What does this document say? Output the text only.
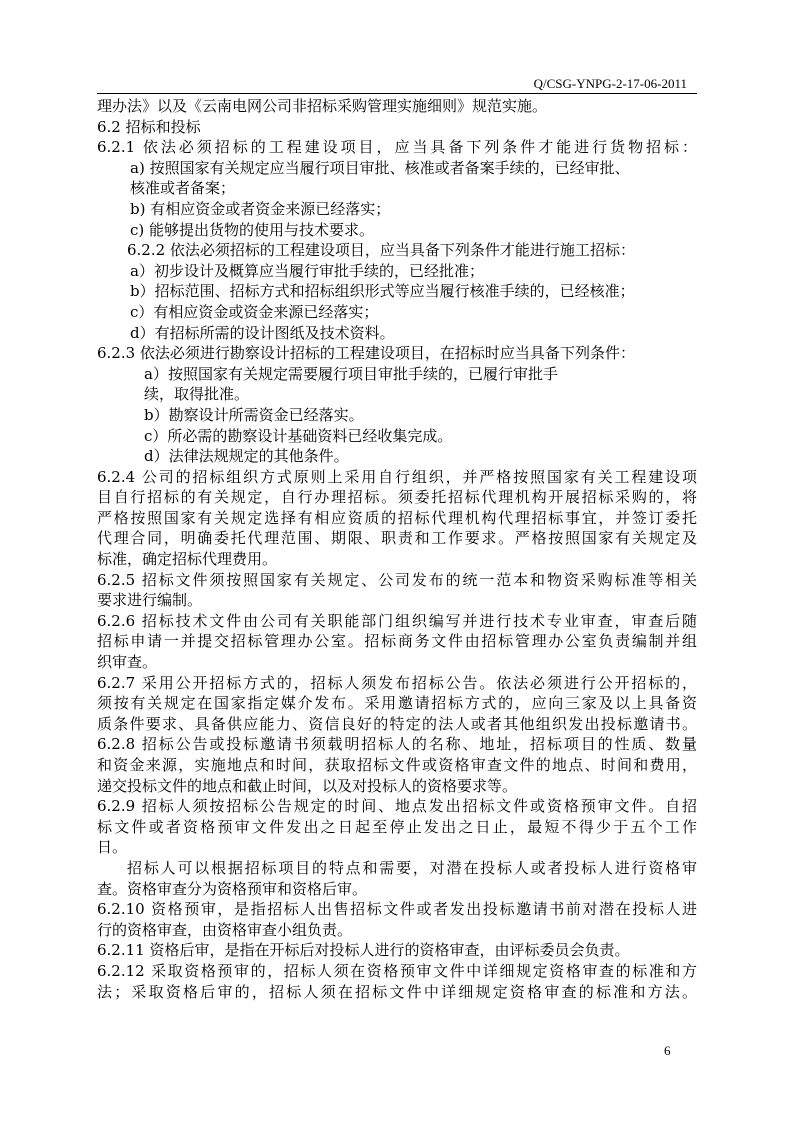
Q/CSG-YNPG-2-17-06-2011
理办法》以及《云南电网公司非招标采购管理实施细则》规范实施。
6.2 招标和投标
6.2.1 依法必须招标的工程建设项目，应当具备下列条件才能进行货物招标：
a) 按照国家有关规定应当履行项目审批、核准或者备案手续的，已经审批、
核准或者备案；
b) 有相应资金或者资金来源已经落实；
c) 能够提出货物的使用与技术要求。
6.2.2 依法必须招标的工程建设项目，应当具备下列条件才能进行施工招标：
a）初步设计及概算应当履行审批手续的，已经批准；
b）招标范围、招标方式和招标组织形式等应当履行核准手续的，已经核准；
c）有相应资金或资金来源已经落实；
d）有招标所需的设计图纸及技术资料。
6.2.3 依法必须进行勘察设计招标的工程建设项目，在招标时应当具备下列条件：
a）按照国家有关规定需要履行项目审批手续的，已履行审批手
续，取得批准。
b）勘察设计所需资金已经落实。
c）所必需的勘察设计基础资料已经收集完成。
d）法律法规规定的其他条件。
6.2.4 公司的招标组织方式原则上采用自行组织，并严格按照国家有关工程建设项
目自行招标的有关规定，自行办理招标。须委托招标代理机构开展招标采购的，将
严格按照国家有关规定选择有相应资质的招标代理机构代理招标事宜，并签订委托
代理合同，明确委托代理范围、期限、职责和工作要求。严格按照国家有关规定及
标准，确定招标代理费用。
6.2.5 招标文件须按照国家有关规定、公司发布的统一范本和物资采购标准等相关
要求进行编制。
6.2.6 招标技术文件由公司有关职能部门组织编写并进行技术专业审查，审查后随
招标申请一并提交招标管理办公室。招标商务文件由招标管理办公室负责编制并组
织审查。
6.2.7 采用公开招标方式的，招标人须发布招标公告。依法必须进行公开招标的，
须按有关规定在国家指定媒介发布。采用邀请招标方式的，应向三家及以上具备资
质条件要求、具备供应能力、资信良好的特定的法人或者其他组织发出投标邀请书。
6.2.8 招标公告或投标邀请书须载明招标人的名称、地址，招标项目的性质、数量
和资金来源，实施地点和时间，获取招标文件或资格审查文件的地点、时间和费用，
递交投标文件的地点和截止时间，以及对投标人的资格要求等。
6.2.9 招标人须按招标公告规定的时间、地点发出招标文件或资格预审文件。自招
标文件或者资格预审文件发出之日起至停止发出之日止，最短不得少于五个工作
日。
招标人可以根据招标项目的特点和需要，对潜在投标人或者投标人进行资格审
查。资格审查分为资格预审和资格后审。
6.2.10 资格预审，是指招标人出售招标文件或者发出投标邀请书前对潜在投标人进
行的资格审查，由资格审查小组负责。
6.2.11 资格后审，是指在开标后对投标人进行的资格审查，由评标委员会负责。
6.2.12 采取资格预审的，招标人须在资格预审文件中详细规定资格审查的标准和方
法；采取资格后审的，招标人须在招标文件中详细规定资格审查的标准和方法。
6
